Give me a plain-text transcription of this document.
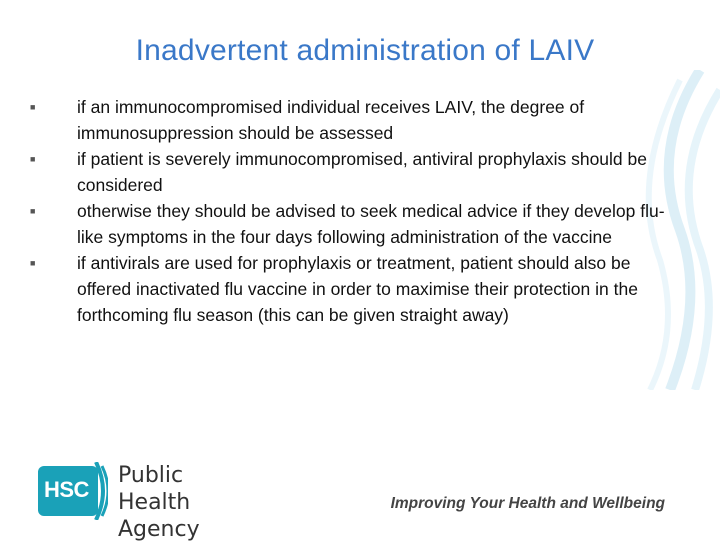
Inadvertent administration of LAIV
■ if an immunocompromised individual receives LAIV, the degree of immunosuppression should be assessed
■ if patient is severely immunocompromised, antiviral prophylaxis should be considered
■ otherwise they should be advised to seek medical advice if they develop flu-like symptoms in the four days following administration of the vaccine
■ if antivirals are used for prophylaxis or treatment, patient should also be offered inactivated flu vaccine in order to maximise their protection in the forthcoming flu season (this can be given straight away)
HSC
Public Health
Agency
Improving Your Health and Wellbeing
